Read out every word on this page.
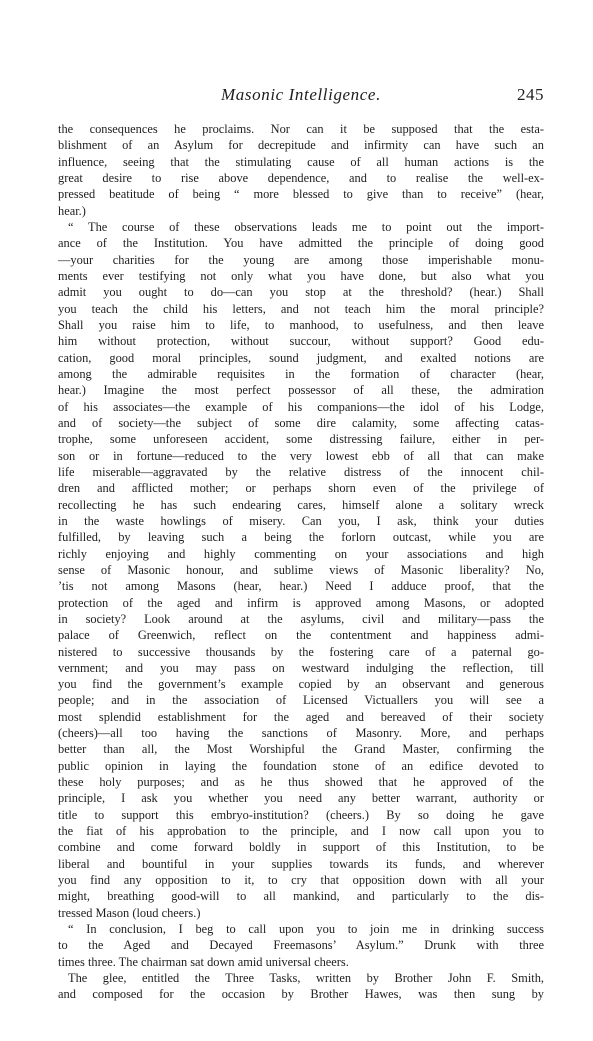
Masonic Intelligence.	245
the consequences he proclaims. Nor can it be supposed that the esta-
blishment of an Asylum for decrepitude and infirmity can have such an
influence, seeing that the stimulating cause of all human actions is the
great desire to rise above dependence, and to realise the well-ex-
pressed beatitude of being “ more blessed to give than to receive” (hear,
hear.)
“ The course of these observations leads me to point out the import-
ance of the Institution. You have admitted the principle of doing good
—your charities for the young are among those imperishable monu-
ments ever testifying not only what you have done, but also what you
admit you ought to do—can you stop at the threshold? (hear.) Shall
you teach the child his letters, and not teach him the moral principle?
Shall you raise him to life, to manhood, to usefulness, and then leave
him without protection, without succour, without support? Good edu-
cation, good moral principles, sound judgment, and exalted notions are
among the admirable requisites in the formation of character (hear,
hear.) Imagine the most perfect possessor of all these, the admiration
of his associates—the example of his companions—the idol of his Lodge,
and of society—the subject of some dire calamity, some affecting catas-
trophe, some unforeseen accident, some distressing failure, either in per-
son or in fortune—reduced to the very lowest ebb of all that can make
life miserable—aggravated by the relative distress of the innocent chil-
dren and afflicted mother; or perhaps shorn even of the privilege of
recollecting he has such endearing cares, himself alone a solitary wreck
in the waste howlings of misery. Can you, I ask, think your duties
fulfilled, by leaving such a being the forlorn outcast, while you are
richly enjoying and highly commenting on your associations and high
sense of Masonic honour, and sublime views of Masonic liberality? No,
’tis not among Masons (hear, hear.) Need I adduce proof, that the
protection of the aged and infirm is approved among Masons, or adopted
in society? Look around at the asylums, civil and military—pass the
palace of Greenwich, reflect on the contentment and happiness admi-
nistered to successive thousands by the fostering care of a paternal go-
vernment; and you may pass on westward indulging the reflection, till
you find the government’s example copied by an observant and generous
people; and in the association of Licensed Victuallers you will see a
most splendid establishment for the aged and bereaved of their society
(cheers)—all too having the sanctions of Masonry. More, and perhaps
better than all, the Most Worshipful the Grand Master, confirming the
public opinion in laying the foundation stone of an edifice devoted to
these holy purposes; and as he thus showed that he approved of the
principle, I ask you whether you need any better warrant, authority or
title to support this embryo-institution? (cheers.) By so doing he gave
the fiat of his approbation to the principle, and I now call upon you to
combine and come forward boldly in support of this Institution, to be
liberal and bountiful in your supplies towards its funds, and wherever
you find any opposition to it, to cry that opposition down with all your
might, breathing good-will to all mankind, and particularly to the dis-
tressed Mason (loud cheers.)
“ In conclusion, I beg to call upon you to join me in drinking success
to the Aged and Decayed Freemasons’ Asylum.” Drunk with three
times three. The chairman sat down amid universal cheers.
The glee, entitled the Three Tasks, written by Brother John F. Smith,
and composed for the occasion by Brother Hawes, was then sung by
